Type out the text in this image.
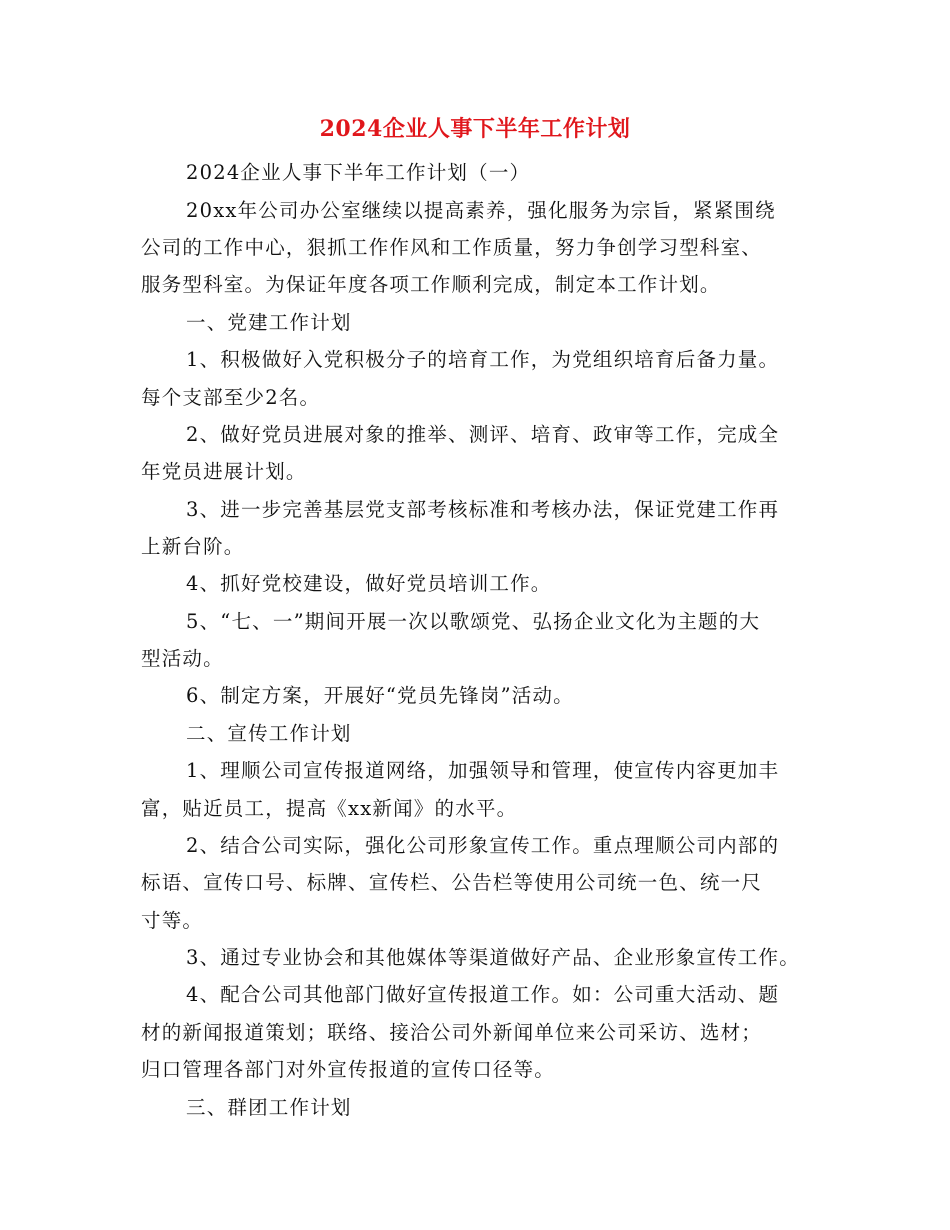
2024企业人事下半年工作计划
2024企业人事下半年工作计划（一）
20xx年公司办公室继续以提高素养，强化服务为宗旨，紧紧围绕
公司的工作中心，狠抓工作作风和工作质量，努力争创学习型科室、
服务型科室。为保证年度各项工作顺利完成，制定本工作计划。
一、党建工作计划
1、积极做好入党积极分子的培育工作，为党组织培育后备力量。
每个支部至少2名。
2、做好党员进展对象的推举、测评、培育、政审等工作，完成全
年党员进展计划。
3、进一步完善基层党支部考核标准和考核办法，保证党建工作再
上新台阶。
4、抓好党校建设，做好党员培训工作。
5、“七、一”期间开展一次以歌颂党、弘扬企业文化为主题的大
型活动。
6、制定方案，开展好“党员先锋岗”活动。
二、宣传工作计划
1、理顺公司宣传报道网络，加强领导和管理，使宣传内容更加丰
富，贴近员工，提高《xx新闻》的水平。
2、结合公司实际，强化公司形象宣传工作。重点理顺公司内部的
标语、宣传口号、标牌、宣传栏、公告栏等使用公司统一色、统一尺
寸等。
3、通过专业协会和其他媒体等渠道做好产品、企业形象宣传工作。
4、配合公司其他部门做好宣传报道工作。如：公司重大活动、题
材的新闻报道策划；联络、接洽公司外新闻单位来公司采访、选材；
归口管理各部门对外宣传报道的宣传口径等。
三、群团工作计划
